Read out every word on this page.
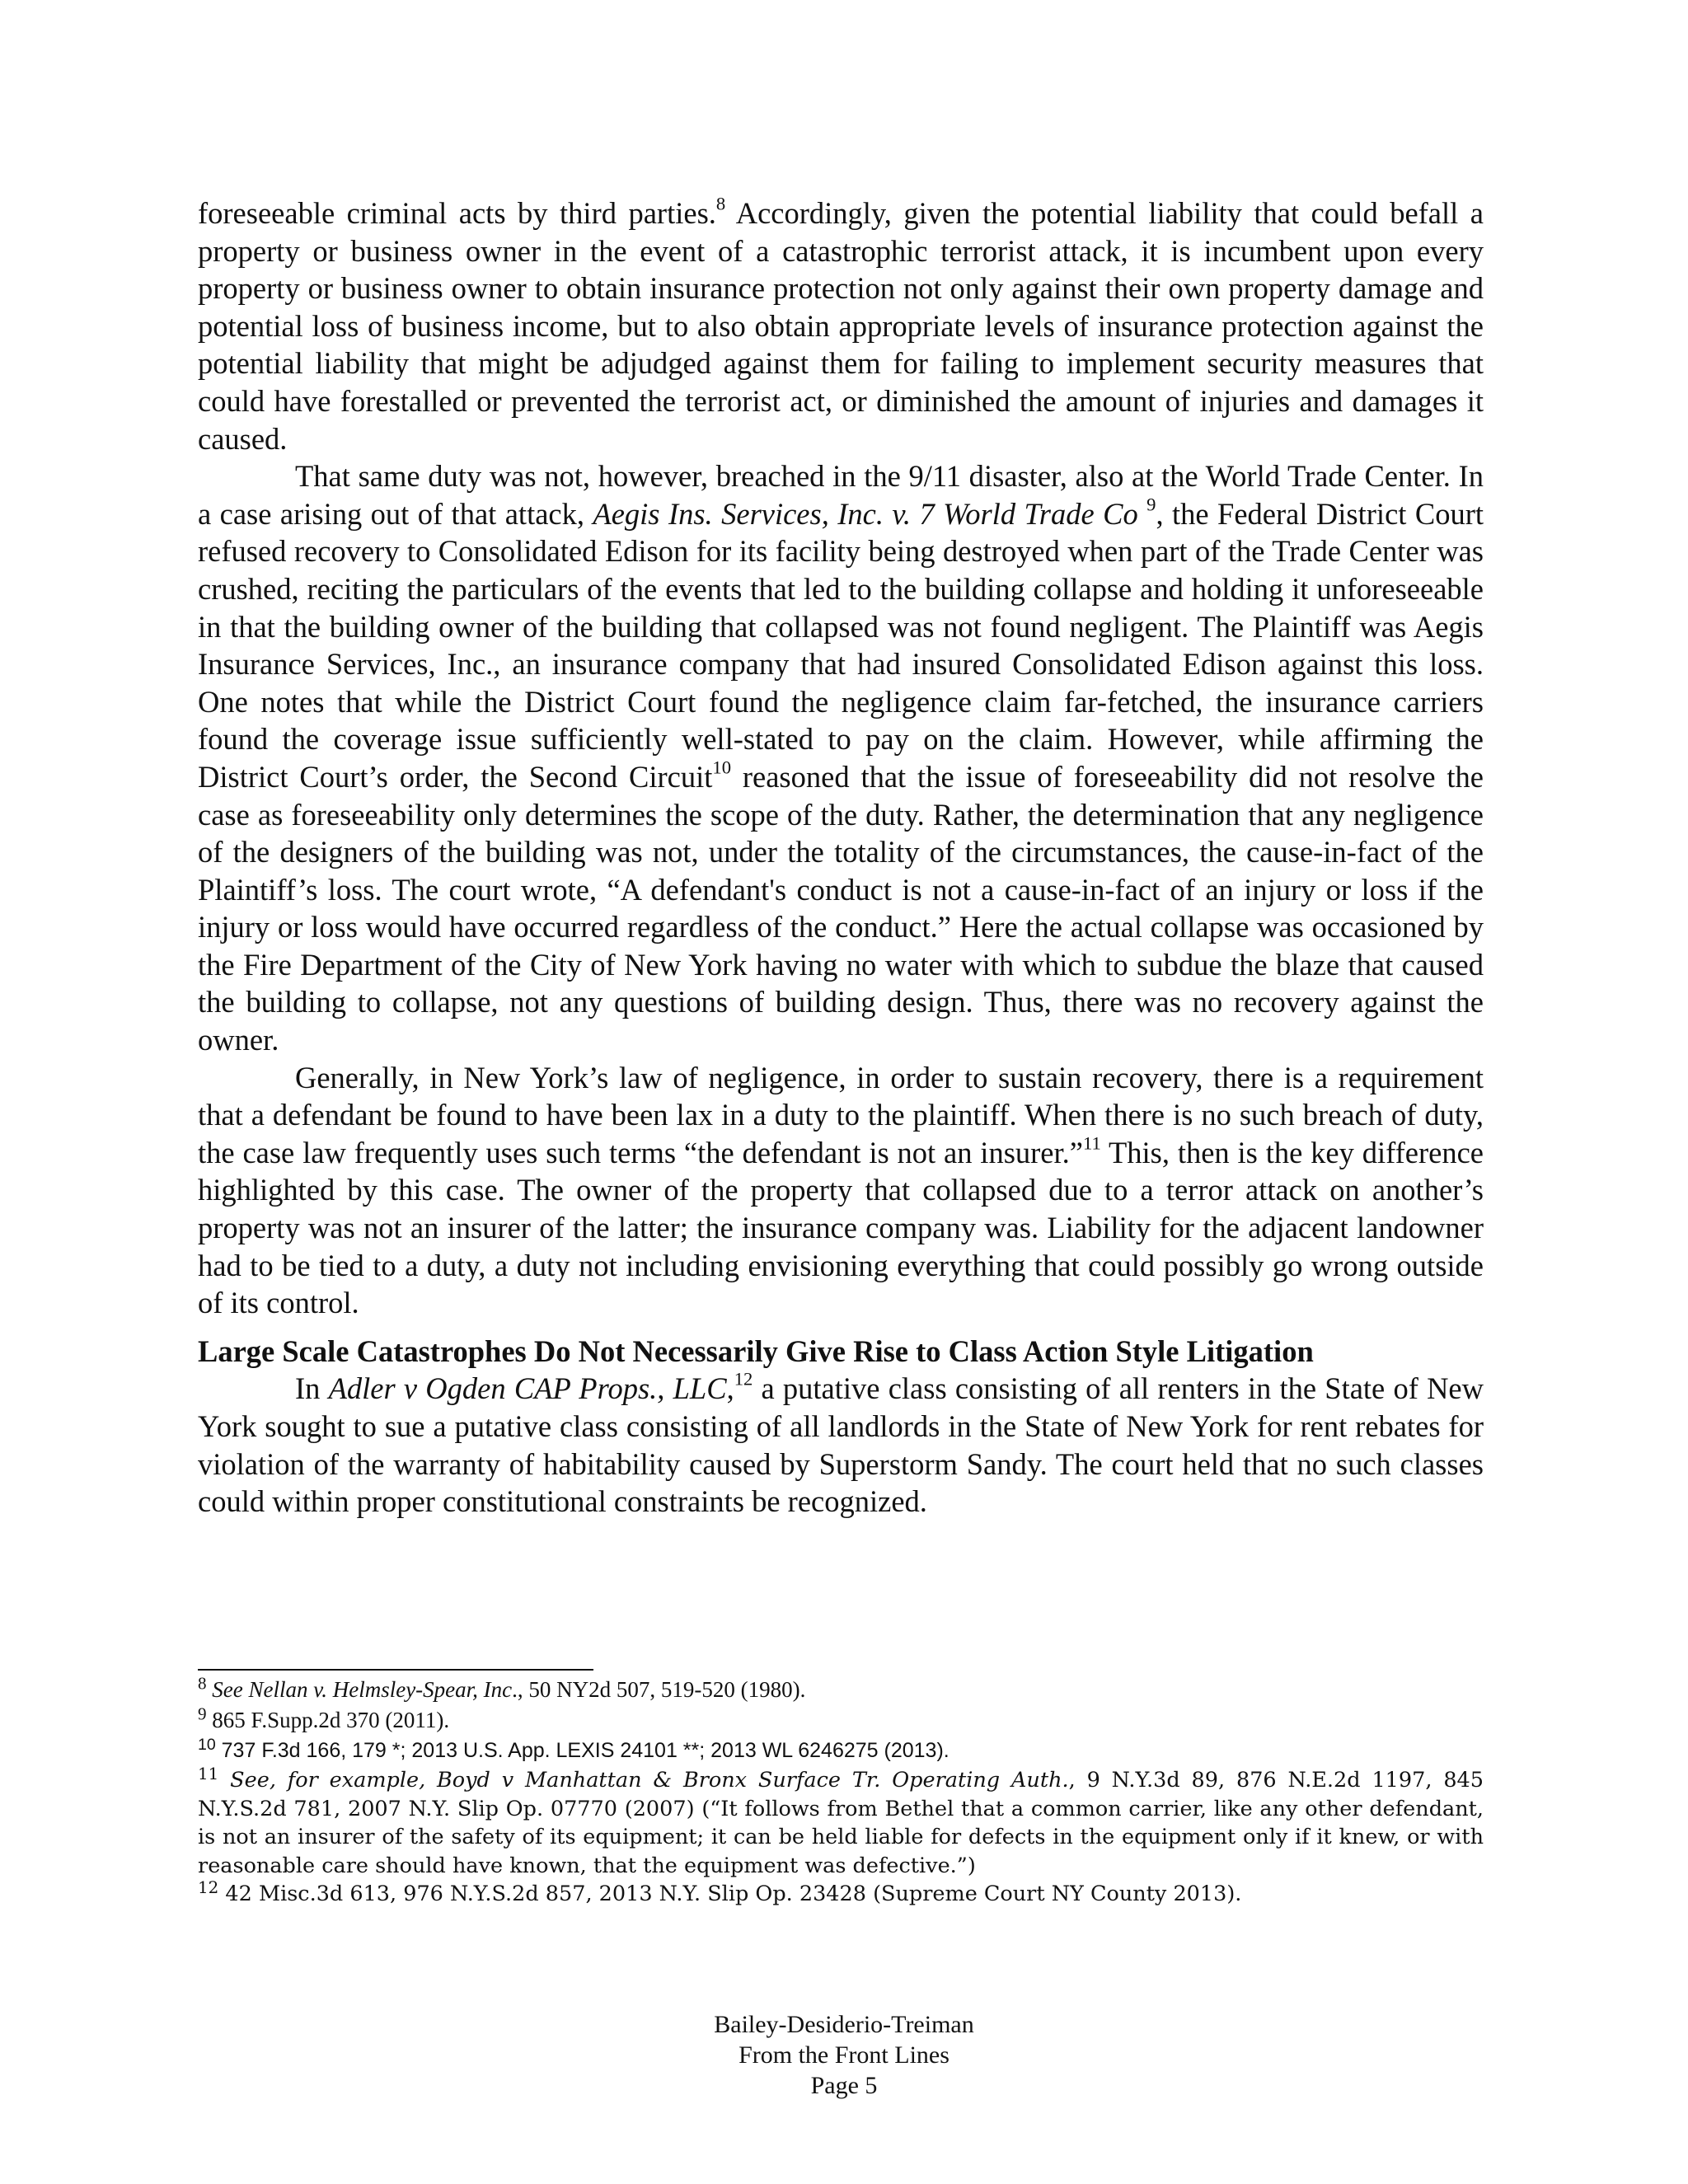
foreseeable criminal acts by third parties.$^8$ Accordingly, given the potential liability that could befall a property or business owner in the event of a catastrophic terrorist attack, it is incumbent upon every property or business owner to obtain insurance protection not only against their own property damage and potential loss of business income, but to also obtain appropriate levels of insurance protection against the potential liability that might be adjudged against them for failing to implement security measures that could have forestalled or prevented the terrorist act, or diminished the amount of injuries and damages it caused.

That same duty was not, however, breached in the 9/11 disaster, also at the World Trade Center. In a case arising out of that attack, Aegis Ins. Services, Inc. v. 7 World Trade Co $^9$, the Federal District Court refused recovery to Consolidated Edison for its facility being destroyed when part of the Trade Center was crushed, reciting the particulars of the events that led to the building collapse and holding it unforeseeable in that the building owner of the building that collapsed was not found negligent. The Plaintiff was Aegis Insurance Services, Inc., an insurance company that had insured Consolidated Edison against this loss. One notes that while the District Court found the negligence claim far-fetched, the insurance carriers found the coverage issue sufficiently well-stated to pay on the claim. However, while affirming the District Court’s order, the Second Circuit$^{10}$ reasoned that the issue of foreseeability did not resolve the case as foreseeability only determines the scope of the duty. Rather, the determination that any negligence of the designers of the building was not, under the totality of the circumstances, the cause-in-fact of the Plaintiff’s loss. The court wrote, “A defendant's conduct is not a cause-in-fact of an injury or loss if the injury or loss would have occurred regardless of the conduct.” Here the actual collapse was occasioned by the Fire Department of the City of New York having no water with which to subdue the blaze that caused the building to collapse, not any questions of building design. Thus, there was no recovery against the owner.

Generally, in New York’s law of negligence, in order to sustain recovery, there is a requirement that a defendant be found to have been lax in a duty to the plaintiff. When there is no such breach of duty, the case law frequently uses such terms “the defendant is not an insurer.”$^{11}$ This, then is the key difference highlighted by this case. The owner of the property that collapsed due to a terror attack on another’s property was not an insurer of the latter; the insurance company was. Liability for the adjacent landowner had to be tied to a duty, a duty not including envisioning everything that could possibly go wrong outside of its control.

Large Scale Catastrophes Do Not Necessarily Give Rise to Class Action Style Litigation

In Adler v Ogden CAP Props., LLC,$^{12}$ a putative class consisting of all renters in the State of New York sought to sue a putative class consisting of all landlords in the State of New York for rent rebates for violation of the warranty of habitability caused by Superstorm Sandy. The court held that no such classes could within proper constitutional constraints be recognized.

$^8$ See Nellan v. Helmsley-Spear, Inc., 50 NY2d 507, 519-520 (1980).

$^9$ 865 F.Supp.2d 370 (2011).

$^{10}$ 737 F.3d 166, 179 *; 2013 U.S. App. LEXIS 24101 **; 2013 WL 6246275 (2013).

$^{11}$ See, for example, Boyd v Manhattan & Bronx Surface Tr. Operating Auth., 9 N.Y.3d 89, 876 N.E.2d 1197, 845 N.Y.S.2d 781, 2007 N.Y. Slip Op. 07770 (2007) (“It follows from Bethel that a common carrier, like any other defendant, is not an insurer of the safety of its equipment; it can be held liable for defects in the equipment only if it knew, or with reasonable care should have known, that the equipment was defective.”)

$^{12}$ 42 Misc.3d 613, 976 N.Y.S.2d 857, 2013 N.Y. Slip Op. 23428 (Supreme Court NY County 2013).

Bailey-Desiderio-Treiman
From the Front Lines
Page 5
